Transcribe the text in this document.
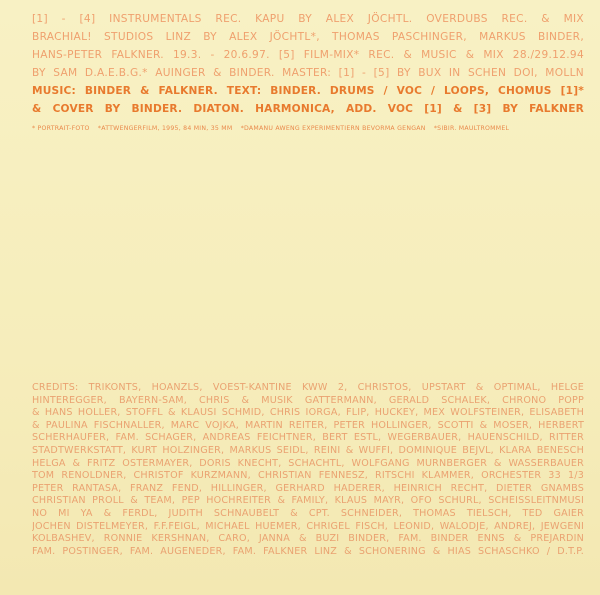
[1] - [4] INSTRUMENTALS REC. KAPU BY ALEX JÖCHTL. OVERDUBS REC. & MIX
BRACHIAL! STUDIOS LINZ BY ALEX JÖCHTL*, THOMAS PASCHINGER, MARKUS BINDER,
HANS-PETER FALKNER. 19.3. - 20.6.97. [5] FILM-MIX* REC. & MUSIC & MIX 28./29.12.94
BY SAM D.A.E.B.G.* AUINGER & BINDER. MASTER: [1] - [5] BY BUX IN SCHEN DOI, MOLLN
MUSIC: BINDER & FALKNER. TEXT: BINDER. DRUMS / VOC / LOOPS, CHOMUS [1]*
& COVER BY BINDER. DIATON. HARMONICA, ADD. VOC [1] & [3] BY FALKNER
* PORTRAIT-FOTO *ATTWENGERFILM, 1995, 84 MIN, 35 MM *DAMANU AWENG EXPERIMENTIERN BEVORMA GENGAN *SIBIR. MAULTROMMEL
CREDITS: TRIKONTS, HOANZLS, VÖEST-KANTINE KWW 2, CHRISTOS, UPSTART & OPTIMAL, HELGE
HINTEREGGER, BAYERN-SAM, CHRIS & MUSIK GATTERMANN, GERALD SCHALEK, CHRONO POPP
& HANS HOLLER, STOFFL & KLAUSI SCHMID, CHRIS IORGA, FLIP, HUCKEY, MEX WOLFSTEINER, ELISABETH
& PAULINA FISCHNALLER, MARC VOJKA, MARTIN REITER, PETER HOLLINGER, SCOTTI & MOSER, HERBERT
SCHERHAUFER, FAM. SCHAGER, ANDREAS FEICHTNER, BERT ESTL, WEGERBAUER, HAUENSCHILD, RITTER
STADTWERKSTATT, KURT HOLZINGER, MARKUS SEIDL, REINI & WUFFI, DOMINIQUE BEJVL, KLARA BENESCH
HELGA & FRITZ OSTERMAYER, DORIS KNECHT, SCHACHTL, WOLFGANG MURNBERGER & WASSERBAUER
TOM RENOLDNER, CHRISTOF KURZMANN, CHRISTIAN FENNESZ, RITSCHI KLAMMER, ORCHESTER 33 1/3
PETER RANTASA, FRANZ FEND, HILLINGER, GERHARD HADERER, HEINRICH RECHT, DIETER GNAMBS
CHRISTIAN PRÖLL & TEAM, PEP HOCHREITER & FAMILY, KLAUS MAYR, OFÖ SCHURL, SCHEISSLEITNMUSI
NO MI YA & FERDL, JUDITH SCHNAUBELT & CPT. SCHNEIDER, THOMAS TIELSCH, TED GAIER
JOCHEN DISTELMEYER, F.F.FEIGL, MICHAEL HUEMER, CHRIGEL FISCH, LEONID, WALODJE, ANDREJ, JEWGENI
KOLBASHEV, RONNIE KERSHNAN, CARO, JANNA & BUZI BINDER, FAM. BINDER ENNS & PREJARDIN
FAM. PÖSTINGER, FAM. AUGENEDER, FAM. FALKNER LINZ & SCHÖNERING & HIAS SCHASCHKO / D.T.P.
